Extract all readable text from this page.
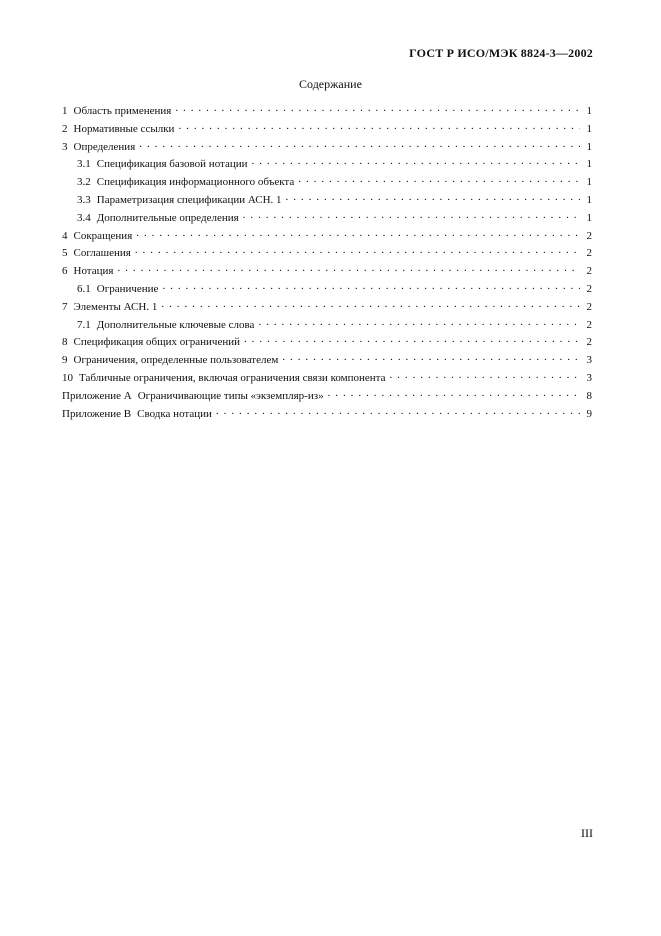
ГОСТ Р ИСО/МЭК 8824-3—2002
Содержание
1 Область применения . . .	1
2 Нормативные ссылки . . .	1
3 Определения . . .	1
3.1 Спецификация базовой нотации . . .	1
3.2 Спецификация информационного объекта . . .	1
3.3 Параметризация спецификации АСН. 1 . . .	1
3.4 Дополнительные определения . . .	1
4 Сокращения . . .	2
5 Соглашения . . .	2
6 Нотация . . .	2
6.1 Ограничение . . .	2
7 Элементы АСН. 1 . . .	2
7.1 Дополнительные ключевые слова . . .	2
8 Спецификация общих ограничений . . .	2
9 Ограничения, определенные пользователем . . .	3
10 Табличные ограничения, включая ограничения связи компонента . . .	3
Приложение А Ограничивающие типы «экземпляр-из» . . .	8
Приложение В Сводка нотации . . .	9
III
